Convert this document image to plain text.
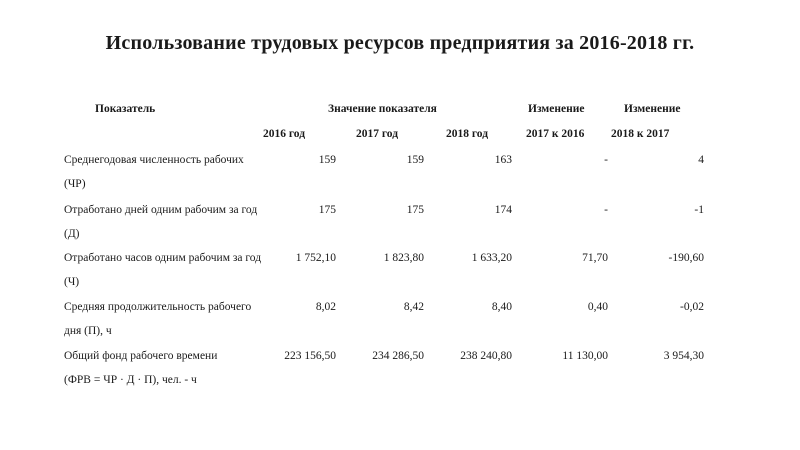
Использование трудовых ресурсов предприятия за 2016-2018 гг.
Показатель	Значение показателя	Изменение	Изменение
2016 год	2017 год	2018 год	2017 к 2016 2018 к 2017
Среднегодовая численность рабочих (ЧР)
159	159	163	-	4
Отработано дней одним рабочим за год (Д)
175	175	174	-	-1
Отработано часов одним рабочим за год (Ч)
1 752,10	1 823,80	1 633,20	71,70	-190,60
Средняя продолжительность рабочего дня (П), ч
8,02	8,42	8,40	0,40	-0,02
Общий фонд рабочего времени (ФРВ = ЧР · Д · П), чел. - ч
223 156,50	234 286,50	238 240,80	11 130,00	3 954,30
